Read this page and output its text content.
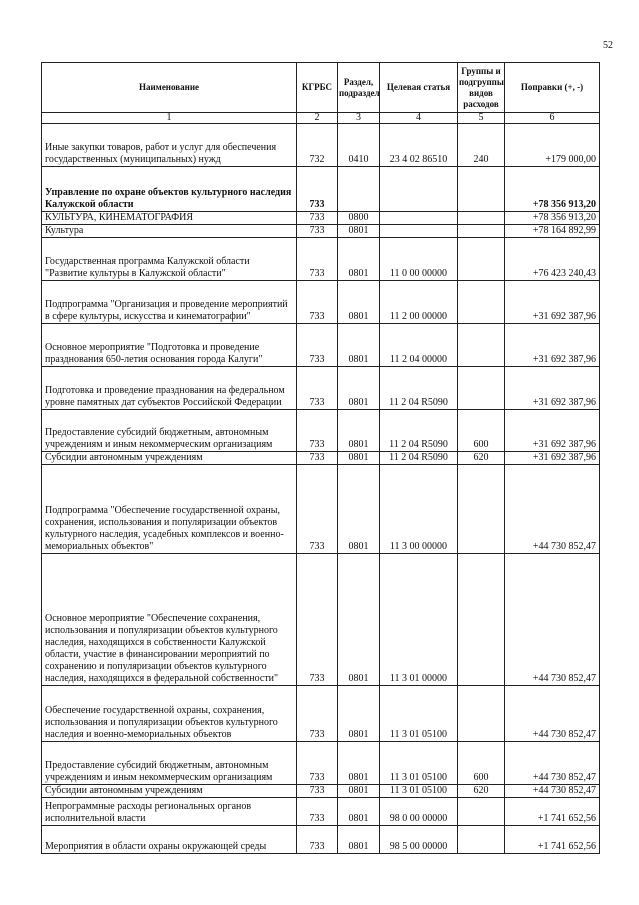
52
Наименование	КГРБС	Раздел, подраздел	Целевая статья	Группы и подгруппы видов расходов	Поправки (+, -)
1	2	3	4	5	6
Иные закупки товаров, работ и услуг для обеспечения государственных (муниципальных) нужд	732	0410	23 4 02 86510	240	+179 000,00
Управление по охране объектов культурного наследия Калужской области	733				+78 356 913,20
КУЛЬТУРА, КИНЕМАТОГРАФИЯ	733	0800			+78 356 913,20
Культура	733	0801			+78 164 892,99
Государственная программа Калужской области "Развитие культуры в Калужской области"	733	0801	11 0 00 00000		+76 423 240,43
Подпрограмма "Организация и проведение мероприятий в сфере культуры, искусства и кинематографии"	733	0801	11 2 00 00000		+31 692 387,96
Основное мероприятие "Подготовка и проведение празднования 650-летия основания города Калуги"	733	0801	11 2 04 00000		+31 692 387,96
Подготовка и проведение празднования на федеральном уровне памятных дат субъектов Российской Федерации	733	0801	11 2 04 R5090		+31 692 387,96
Предоставление субсидий бюджетным, автономным учреждениям и иным некоммерческим организациям	733	0801	11 2 04 R5090	600	+31 692 387,96
Субсидии автономным учреждениям	733	0801	11 2 04 R5090	620	+31 692 387,96
Подпрограмма "Обеспечение государственной охраны, сохранения, использования и популяризации объектов культурного наследия, усадебных комплексов и военно-мемориальных объектов"	733	0801	11 3 00 00000		+44 730 852,47
Основное мероприятие "Обеспечение сохранения, использования и популяризации объектов культурного наследия, находящихся в собственности Калужской области, участие в финансировании мероприятий по сохранению и популяризации объектов культурного наследия, находящихся в федеральной собственности"	733	0801	11 3 01 00000		+44 730 852,47
Обеспечение государственной охраны, сохранения, использования и популяризации объектов культурного наследия и военно-мемориальных объектов	733	0801	11 3 01 05100		+44 730 852,47
Предоставление субсидий бюджетным, автономным учреждениям и иным некоммерческим организациям	733	0801	11 3 01 05100	600	+44 730 852,47
Субсидии автономным учреждениям	733	0801	11 3 01 05100	620	+44 730 852,47
Непрограммные расходы региональных органов исполнительной власти	733	0801	98 0 00 00000		+1 741 652,56
Мероприятия в области охраны окружающей среды	733	0801	98 5 00 00000		+1 741 652,56
